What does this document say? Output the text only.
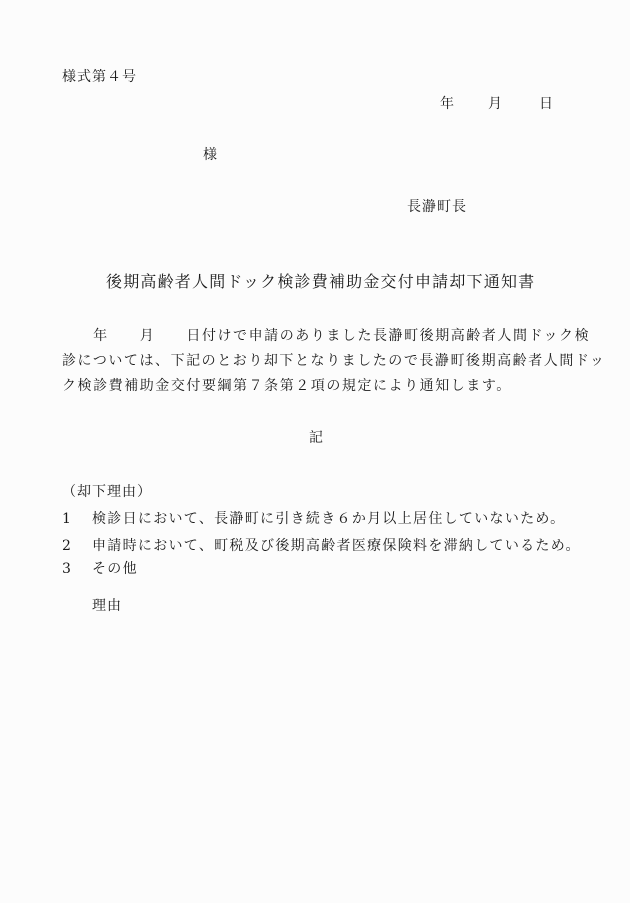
様式第４号
年 月	日
様
長瀞町長
後期高齢者人間ドック検診費補助金交付申請却下通知書
　　年　　月　　日付けで申請のありました長瀞町後期高齢者人間ドック検
診については、下記のとおり却下となりましたので長瀞町後期高齢者人間ドッ
ク検診費補助金交付要綱第７条第２項の規定により通知します。
記
（却下理由）
1 検診日において、長瀞町に引き続き６か月以上居住していないため。
2 申請時において、町税及び後期高齢者医療保険料を滞納しているため。
3 その他
理由
